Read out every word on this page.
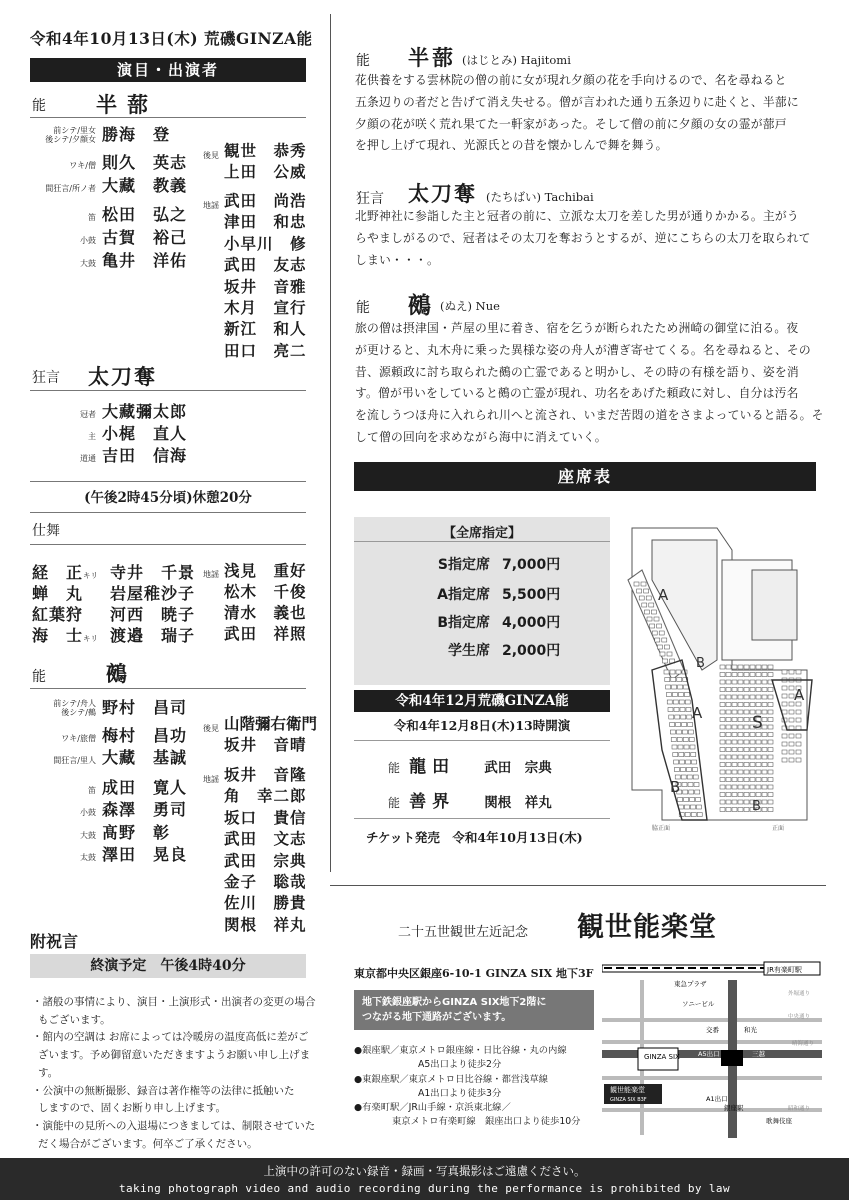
令和4年10月13日(木) 荒磯GINZA能
演目・出演者
能 半蔀
前シテ/里女
後シテ/夕顔女 勝海　登
ワキ/僧 則久　英志
間狂言/所ノ者 大藏　教義
笛 松田　弘之
小鼓 古賀　裕己
大鼓 亀井　洋佑
後見 観世　恭秀
上田　公威
地謡 武田　尚浩
津田　和忠
小早川　修
武田　友志
坂井　音雅
木月　宣行
新江　和人
田口　亮二
狂言 太刀奪
冠者 大藏彌太郎
主 小梶　直人
道通 吉田　信海
(午後2時45分頃)休憩20分
仕舞
経　正キリ 寺井　千景
蝉　丸 岩屋稚沙子
紅葉狩 河西　暁子
海　士キリ 渡邉　瑞子
地謡 浅見　重好
松木　千俊
清水　義也
武田　祥照
能	鵺
前シテ/舟人
後シテ/鵺 野村　昌司
ワキ/旅僧 梅村　昌功
間狂言/里人 大藏　基誠
笛 成田　寛人
小鼓 森澤　勇司
大鼓 髙野　彰
太鼓 澤田　晃良
後見 山階彌右衛門
坂井　音晴
地謡 坂井　音隆
角　幸二郎
坂口　貴信
武田　文志
武田　宗典
金子　聡哉
佐川　勝貴
関根　祥丸
附祝言
終演予定　午後4時40分
・諸般の事情により、演目・上演形式・出演者の変更の場合
もございます。
・館内の空調は お席によっては冷暖房の温度高低に差がご
ざいます。予め御留意いただきますようお願い申し上げます。
・公演中の無断撮影、録音は著作権等の法律に抵触いた
しますので、固くお断り申し上げます。
・演能中の見所への入退場につきましては、制限させていた
だく場合がございます。何卒ご了承ください。
能 半蔀 (はじとみ) Hajitomi
花供養をする雲林院の僧の前に女が現れ夕顔の花を手向けるので、名を尋ねると
五条辺りの者だと告げて消え失せる。僧が言われた通り五条辺りに赴くと、半蔀に
夕顔の花が咲く荒れ果てた一軒家があった。そして僧の前に夕顔の女の霊が蔀戸
を押し上げて現れ、光源氏との昔を懐かしんで舞を舞う。
狂言 太刀奪 (たちばい) Tachibai
北野神社に参詣した主と冠者の前に、立派な太刀を差した男が通りかかる。主がう
らやましがるので、冠者はその太刀を奪おうとするが、逆にこちらの太刀を取られて
しまい・・・。
能 鵺 (ぬえ) Nue
旅の僧は摂津国・芦屋の里に着き、宿を乞うが断られたため洲崎の御堂に泊る。夜
が更けると、丸木舟に乗った異様な姿の舟人が漕ぎ寄せてくる。名を尋ねると、その
昔、源頼政に討ち取られた鵺の亡霊であると明かし、その時の有様を語り、姿を消
す。僧が弔いをしていると鵺の亡霊が現れ、功名をあげた頼政に対し、自分は汚名
を流しうつほ舟に入れられ川へと流され、いまだ苦悶の道をさまよっていると語る。そ
して僧の回向を求めながら海中に消えていく。
座席表
【全席指定】
S指定席 7,000円
A指定席 5,500円
B指定席 4,000円
学生席 2,000円
令和4年12月荒磯GINZA能
令和4年12月8日(木)13時開演
能 龍田 武田　宗典
能 善界 関根　祥丸
チケット発売　令和4年10月13日(木)
A
A
A
B
B
B
S
脇正面	正面
二十五世観世左近記念 観世能楽堂
東京都中央区銀座6-10-1 GINZA SIX 地下3F
地下鉄銀座駅からGINZA SIX地下2階に
つながる地下通路がございます。
●銀座駅／東京メトロ銀座線・日比谷線・丸の内線
A5出口より徒歩2分
●東銀座駅／東京メトロ日比谷線・都営浅草線
A1出口より徒歩3分
●有楽町駅／JR山手線・京浜東北線／
東京メトロ有楽町線　銀座出口より徒歩10分
JR有楽町駅
GINZA SIX
観世能楽堂
GINZA SIX B3F
東急プラザ
ソニービル
交番	和光
三越
A5出口
A1出口
銀座駅
歌舞伎座
外堀通り
中央通り
晴海通り
昭和通り
上演中の許可のない録音・録画・写真撮影はご遠慮ください。
taking photograph video and audio recording during the performance is prohibited by law
